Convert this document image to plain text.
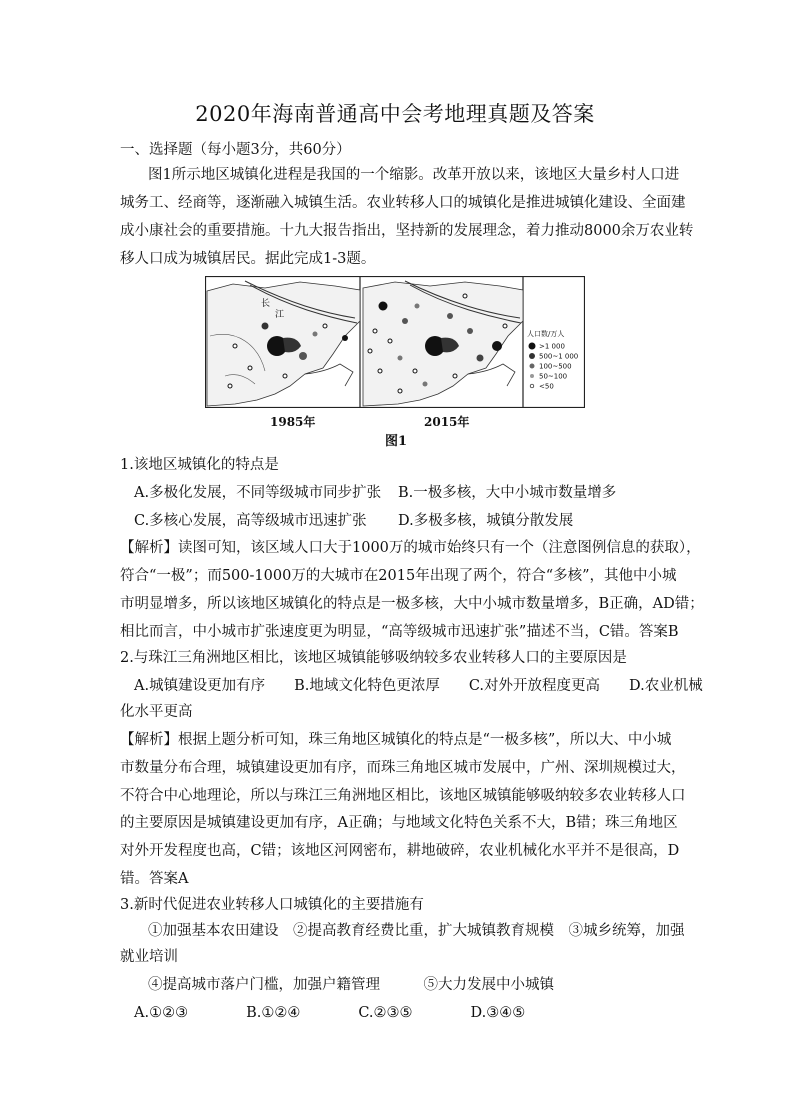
2020年海南普通高中会考地理真题及答案
一、选择题（每小题3分，共60分）
图1所示地区城镇化进程是我国的一个缩影。改革开放以来，该地区大量乡村人口进
城务工、经商等，逐渐融入城镇生活。农业转移人口的城镇化是推进城镇化建设、全面建
成小康社会的重要措施。十九大报告指出，坚持新的发展理念，着力推动8000余万农业转
移人口成为城镇居民。据此完成1-3题。
长
江
人口数/万人
>1 000
500~1 000
100~500
50~100
<50
1985年	2015年
图1
1.该地区城镇化的特点是
A.多极化发展，不同等级城市同步扩张 B.一极多核，大中小城市数量增多
C.多核心发展，高等级城市迅速扩张 D.多极多核，城镇分散发展
【解析】读图可知，该区域人口大于1000万的城市始终只有一个（注意图例信息的获取），
符合“一极”；而500-1000万的大城市在2015年出现了两个，符合“多核”，其他中小城
市明显增多，所以该地区城镇化的特点是一极多核，大中小城市数量增多，B正确，AD错；
相比而言，中小城市扩张速度更为明显，“高等级城市迅速扩张”描述不当，C错。答案B
2.与珠江三角洲地区相比，该地区城镇能够吸纳较多农业转移人口的主要原因是
A.城镇建设更加有序　　B.地域文化特色更浓厚　　C.对外开放程度更高　　D.农业机械
化水平更高
【解析】根据上题分析可知，珠三角地区城镇化的特点是“一极多核”，所以大、中小城
市数量分布合理，城镇建设更加有序，而珠三角地区城市发展中，广州、深圳规模过大，
不符合中心地理论，所以与珠江三角洲地区相比，该地区城镇能够吸纳较多农业转移人口
的主要原因是城镇建设更加有序，A正确；与地域文化特色关系不大，B错；珠三角地区
对外开发程度也高，C错；该地区河网密布，耕地破碎，农业机械化水平并不是很高，D
错。答案A
3.新时代促进农业转移人口城镇化的主要措施有
①加强基本农田建设　②提高教育经费比重，扩大城镇教育规模　③城乡统筹，加强
就业培训
④提高城市落户门槛，加强户籍管理　　　⑤大力发展中小城镇
A.①②③　　　　B.①②④　　　　C.②③⑤　　　　D.③④⑤
